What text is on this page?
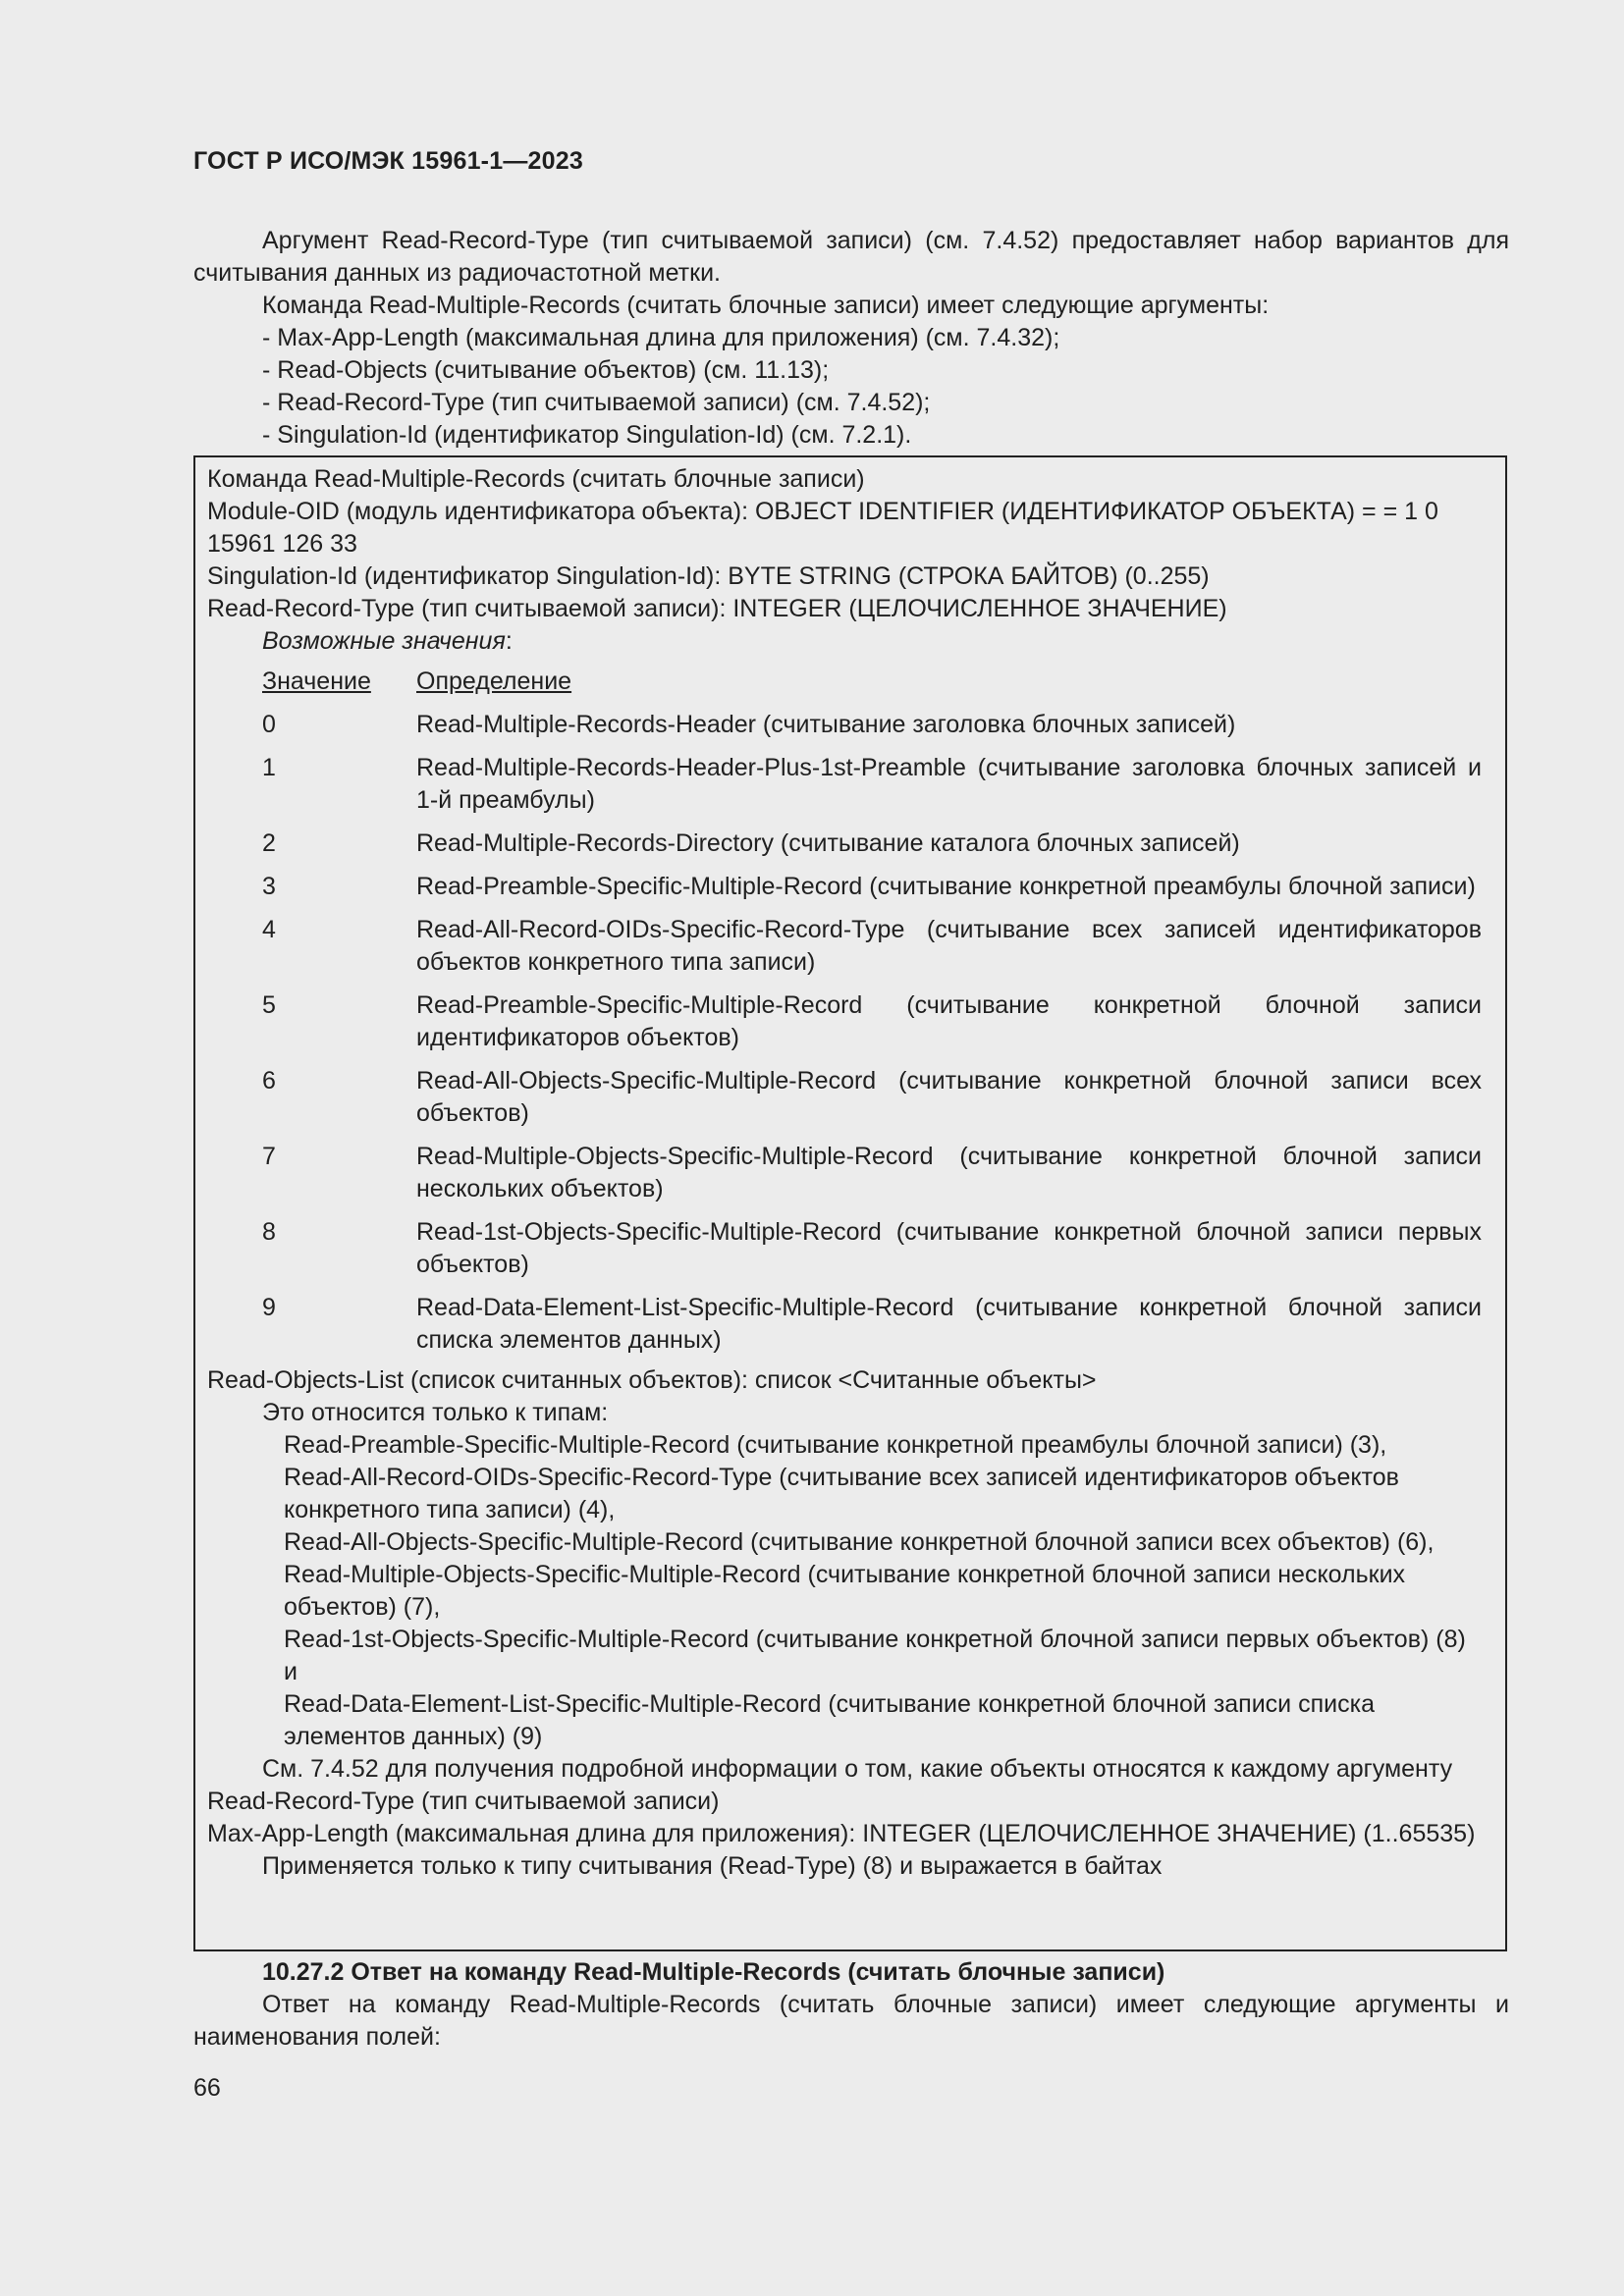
ГОСТ Р ИСО/МЭК 15961-1—2023

Аргумент Read-Record-Type (тип считываемой записи) (см. 7.4.52) предоставляет набор вариантов для считывания данных из радиочастотной метки.

Команда Read-Multiple-Records (считать блочные записи) имеет следующие аргументы:

- Max-App-Length (максимальная длина для приложения) (см. 7.4.32);

- Read-Objects (считывание объектов) (см. 11.13);

- Read-Record-Type (тип считываемой записи) (см. 7.4.52);

- Singulation-Id (идентификатор Singulation-Id) (см. 7.2.1).

Команда Read-Multiple-Records (считать блочные записи)

Module-OID (модуль идентификатора объекта): OBJECT IDENTIFIER (ИДЕНТИФИКАТОР ОБЪЕКТА) = = 1 0 15961 126 33

Singulation-Id (идентификатор Singulation-Id): BYTE STRING (СТРОКА БАЙТОВ) (0..255)

Read-Record-Type (тип считываемой записи): INTEGER (ЦЕЛОЧИСЛЕННОЕ ЗНАЧЕНИЕ)

Возможные значения:

Значение	Определение
0	Read-Multiple-Records-Header (считывание заголовка блочных записей)
1	Read-Multiple-Records-Header-Plus-1st-Preamble (считывание заголовка блочных записей и 1-й преамбулы)
2	Read-Multiple-Records-Directory (считывание каталога блочных записей)
3	Read-Preamble-Specific-Multiple-Record (считывание конкретной преамбулы блочной записи)
4	Read-All-Record-OIDs-Specific-Record-Type (считывание всех записей идентификаторов объектов конкретного типа записи)
5	Read-Preamble-Specific-Multiple-Record (считывание конкретной блочной записи идентификаторов объектов)
6	Read-All-Objects-Specific-Multiple-Record (считывание конкретной блочной записи всех объектов)
7	Read-Multiple-Objects-Specific-Multiple-Record (считывание конкретной блочной записи нескольких объектов)
8	Read-1st-Objects-Specific-Multiple-Record (считывание конкретной блочной записи первых объектов)
9	Read-Data-Element-List-Specific-Multiple-Record (считывание конкретной блочной записи списка элементов данных)

Read-Objects-List (список считанных объектов): список <Считанные объекты>

Это относится только к типам:

Read-Preamble-Specific-Multiple-Record (считывание конкретной преамбулы блочной записи) (3),

Read-All-Record-OIDs-Specific-Record-Type (считывание всех записей идентификаторов объектов конкретного типа записи) (4),

Read-All-Objects-Specific-Multiple-Record (считывание конкретной блочной записи всех объектов) (6),

Read-Multiple-Objects-Specific-Multiple-Record (считывание конкретной блочной записи нескольких объектов) (7),

Read-1st-Objects-Specific-Multiple-Record (считывание конкретной блочной записи первых объектов) (8) и

Read-Data-Element-List-Specific-Multiple-Record (считывание конкретной блочной записи списка элементов данных) (9)

См. 7.4.52 для получения подробной информации о том, какие объекты относятся к каждому аргументу Read-Record-Type (тип считываемой записи)

Max-App-Length (максимальная длина для приложения): INTEGER (ЦЕЛОЧИСЛЕННОЕ ЗНАЧЕНИЕ) (1..65535)

Применяется только к типу считывания (Read-Type) (8) и выражается в байтах

10.27.2 Ответ на команду Read-Multiple-Records (считать блочные записи)

Ответ на команду Read-Multiple-Records (считать блочные записи) имеет следующие аргументы и наименования полей:

66
